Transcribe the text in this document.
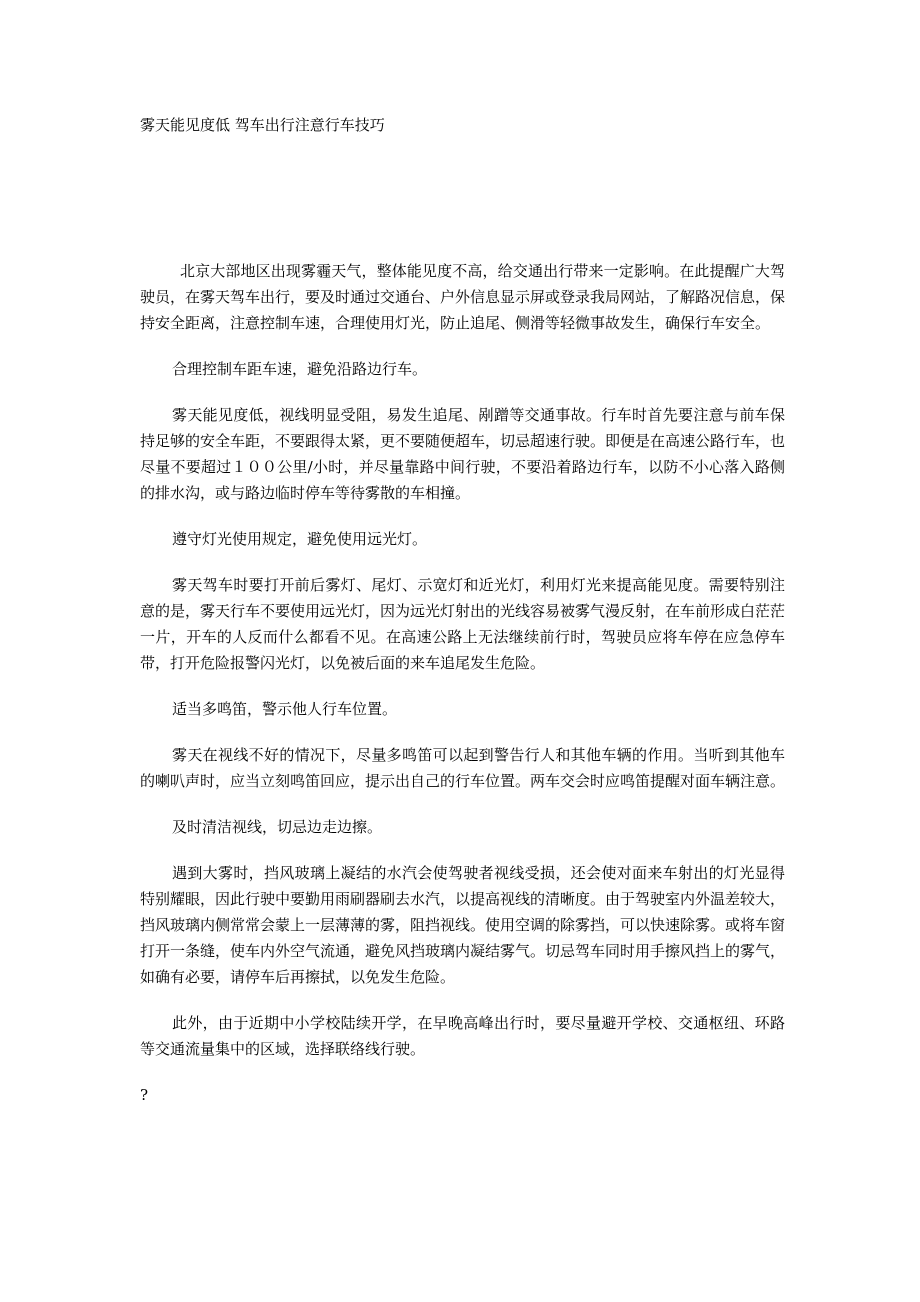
雾天能见度低 驾车出行注意行车技巧

北京大部地区出现雾霾天气，整体能见度不高，给交通出行带来一定影响。在此提醒广大驾驶员，在雾天驾车出行，要及时通过交通台、户外信息显示屏或登录我局网站，了解路况信息，保持安全距离，注意控制车速，合理使用灯光，防止追尾、侧滑等轻微事故发生，确保行车安全。

合理控制车距车速，避免沿路边行车。

雾天能见度低，视线明显受阻，易发生追尾、剐蹭等交通事故。行车时首先要注意与前车保持足够的安全车距，不要跟得太紧，更不要随便超车，切忌超速行驶。即便是在高速公路行车，也尽量不要超过１００公里/小时，并尽量靠路中间行驶，不要沿着路边行车，以防不小心落入路侧的排水沟，或与路边临时停车等待雾散的车相撞。

遵守灯光使用规定，避免使用远光灯。

雾天驾车时要打开前后雾灯、尾灯、示宽灯和近光灯，利用灯光来提高能见度。需要特别注意的是，雾天行车不要使用远光灯，因为远光灯射出的光线容易被雾气漫反射，在车前形成白茫茫一片，开车的人反而什么都看不见。在高速公路上无法继续前行时，驾驶员应将车停在应急停车带，打开危险报警闪光灯，以免被后面的来车追尾发生危险。

适当多鸣笛，警示他人行车位置。

雾天在视线不好的情况下，尽量多鸣笛可以起到警告行人和其他车辆的作用。当听到其他车的喇叭声时，应当立刻鸣笛回应，提示出自己的行车位置。两车交会时应鸣笛提醒对面车辆注意。

及时清洁视线，切忌边走边擦。

遇到大雾时，挡风玻璃上凝结的水汽会使驾驶者视线受损，还会使对面来车射出的灯光显得特别耀眼，因此行驶中要勤用雨刷器刷去水汽，以提高视线的清晰度。由于驾驶室内外温差较大，挡风玻璃内侧常常会蒙上一层薄薄的雾，阻挡视线。使用空调的除雾挡，可以快速除雾。或将车窗打开一条缝，使车内外空气流通，避免风挡玻璃内凝结雾气。切忌驾车同时用手擦风挡上的雾气，如确有必要，请停车后再擦拭，以免发生危险。

此外，由于近期中小学校陆续开学，在早晚高峰出行时，要尽量避开学校、交通枢纽、环路等交通流量集中的区域，选择联络线行驶。

?
